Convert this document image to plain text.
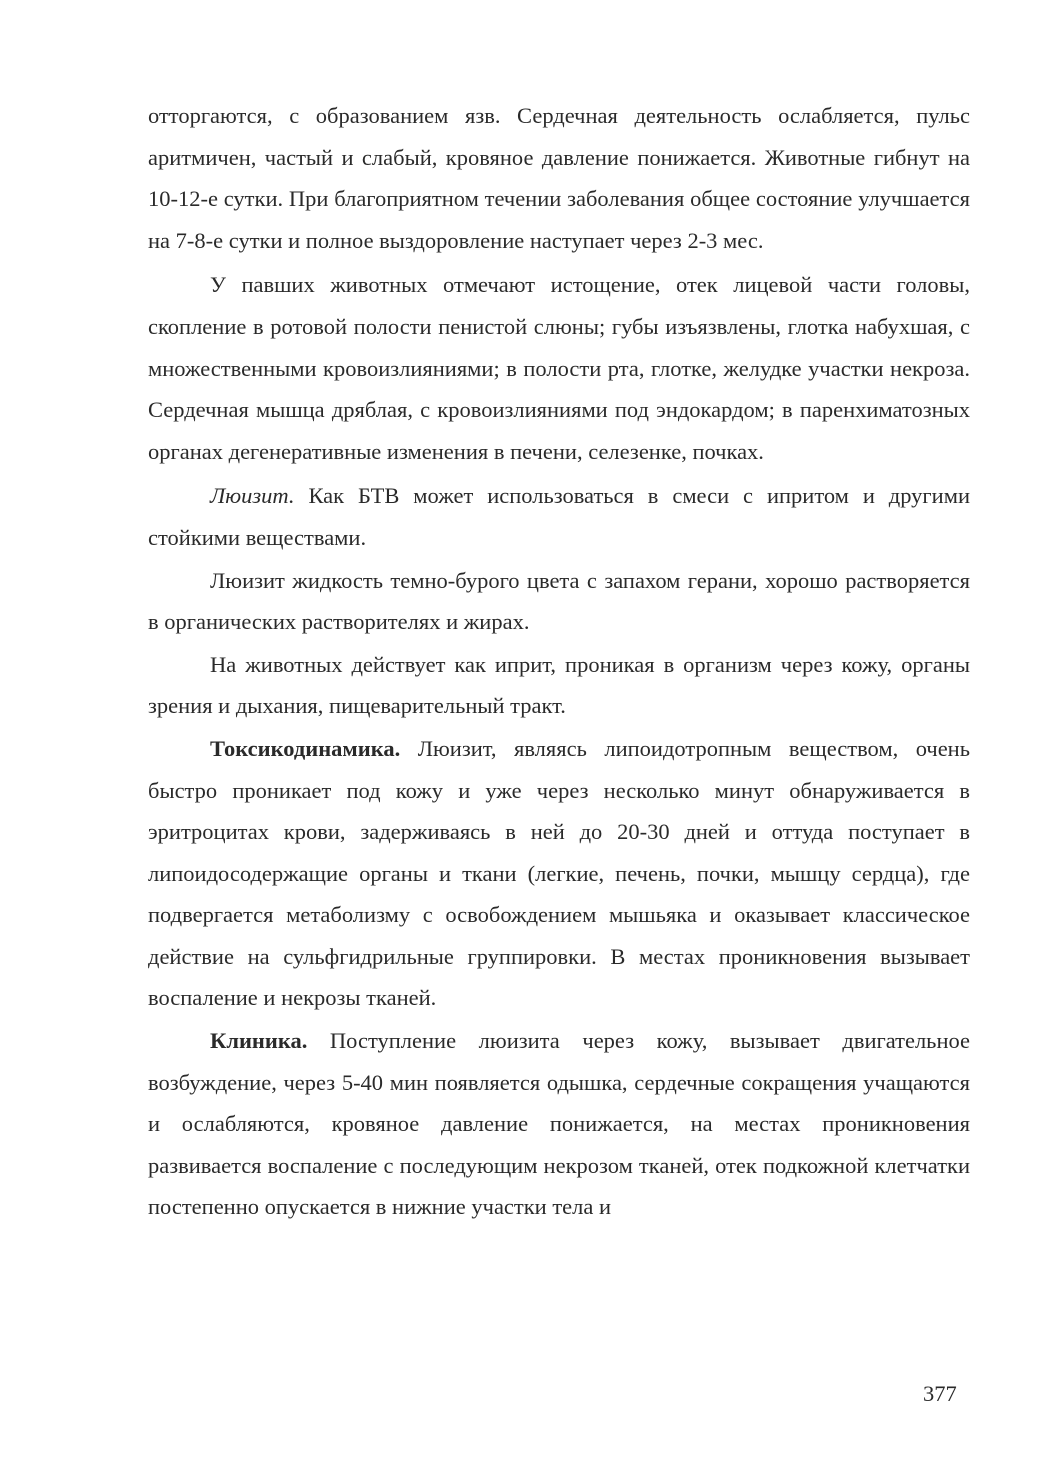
отторгаются, с образованием язв. Сердечная деятельность ослабляется, пульс аритмичен, частый и слабый, кровяное давление понижается. Животные гибнут на 10-12-е сутки. При благоприятном течении заболевания общее состояние улучшается на 7-8-е сутки и полное выздоровление наступает через 2-3 мес.

У павших животных отмечают истощение, отек лицевой части головы, скопление в ротовой полости пенистой слюны; губы изъязвлены, глотка набухшая, с множественными кровоизлияниями; в полости рта, глотке, желудке участки некроза. Сердечная мышца дряблая, с кровоизлияниями под эндокардом; в паренхиматозных органах дегенеративные изменения в печени, селезенке, почках.

Люизит. Как БТВ может использоваться в смеси с ипритом и другими стойкими веществами.

Люизит жидкость темно-бурого цвета с запахом герани, хорошо растворяется в органических растворителях и жирах.

На животных действует как иприт, проникая в организм через кожу, органы зрения и дыхания, пищеварительный тракт.

Токсикодинамика. Люизит, являясь липоидотропным веществом, очень быстро проникает под кожу и уже через несколько минут обнаруживается в эритроцитах крови, задерживаясь в ней до 20-30 дней и оттуда поступает в липоидосодержащие органы и ткани (легкие, печень, почки, мышцу сердца), где подвергается метаболизму с освобождением мышьяка и оказывает классическое действие на сульфгидрильные группировки. В местах проникновения вызывает воспаление и некрозы тканей.

Клиника. Поступление люизита через кожу, вызывает двигательное возбуждение, через 5-40 мин появляется одышка, сердечные сокращения учащаются и ослабляются, кровяное давление понижается, на местах проникновения развивается воспаление с последующим некрозом тканей, отек подкожной клетчатки постепенно опускается в нижние участки тела и

377
